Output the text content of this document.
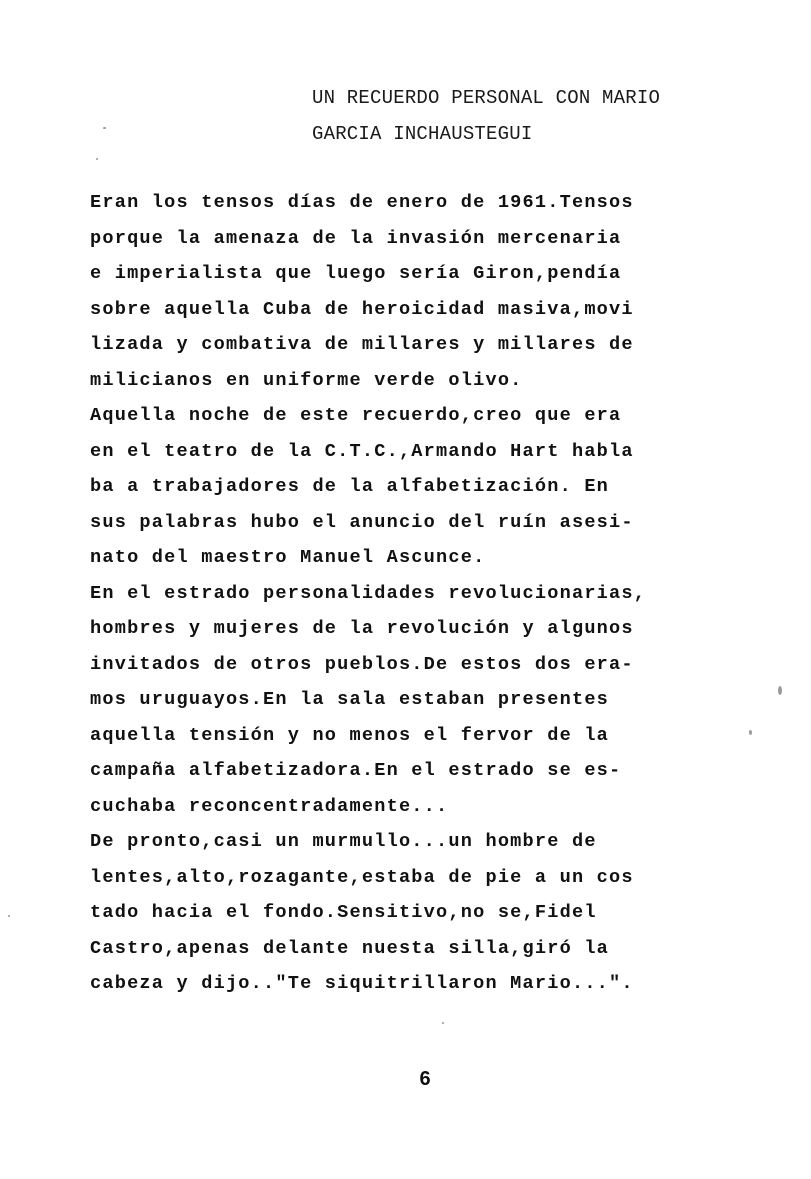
UN RECUERDO PERSONAL CON MARIO
GARCIA INCHAUSTEGUI
Eran los tensos días de enero de 1961.Tensos
porque la amenaza de la invasión mercenaria
e imperialista que luego sería Giron,pendía
sobre aquella Cuba de heroicidad masiva,movi
lizada y combativa de millares y millares de
milicianos en uniforme verde olivo.
Aquella noche de este recuerdo,creo que era
en el teatro de la C.T.C.,Armando Hart habla
ba a trabajadores de la alfabetización. En
sus palabras hubo el anuncio del ruín asesi-
nato del maestro Manuel Ascunce.
En el estrado personalidades revolucionarias,
hombres y mujeres de la revolución y algunos
invitados de otros pueblos.De estos dos era-
mos uruguayos.En la sala estaban presentes
aquella tensión y no menos el fervor de la
campaña alfabetizadora.En el estrado se es-
cuchaba reconcentradamente...
De pronto,casi un murmullo...un hombre de
lentes,alto,rozagante,estaba de pie a un cos
tado hacia el fondo.Sensitivo,no se,Fidel
Castro,apenas delante nuesta silla,giró la
cabeza y dijo.."Te siquitrillaron Mario...".
6
